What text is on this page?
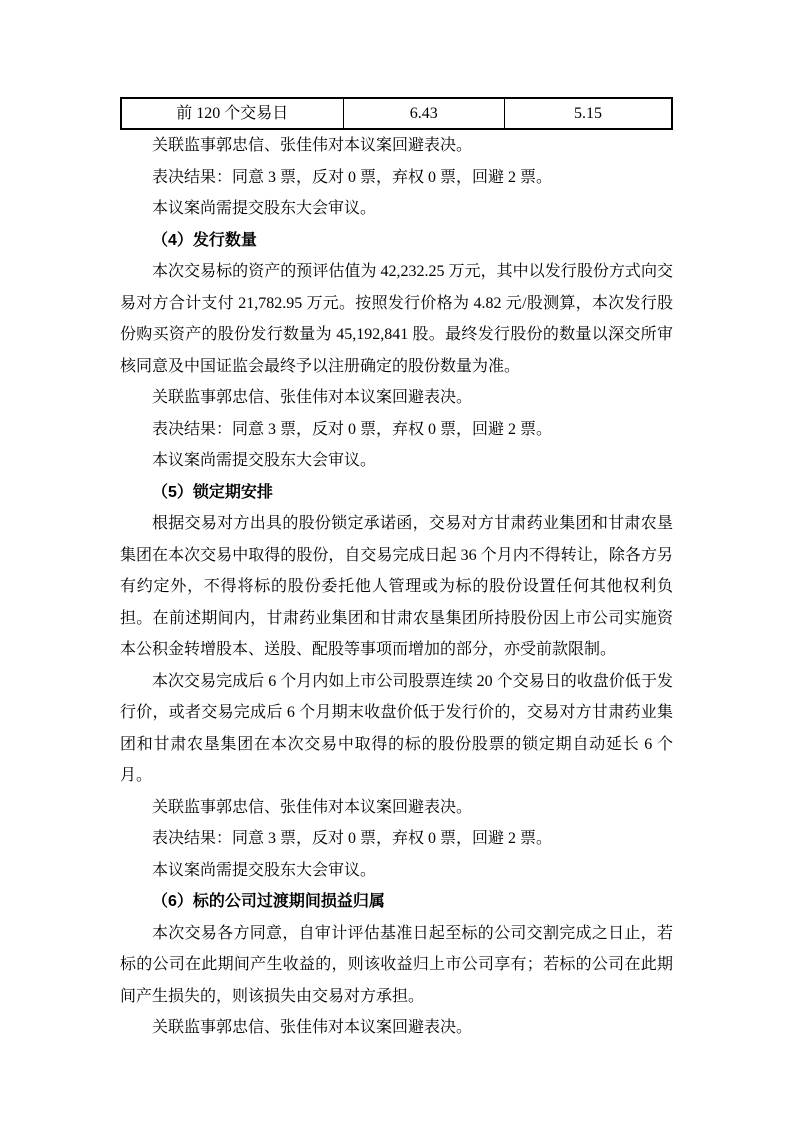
前 120 个交易日	6.43	5.15

关联监事郭忠信、张佳伟对本议案回避表决。

表决结果：同意 3 票，反对 0 票，弃权 0 票，回避 2 票。

本议案尚需提交股东大会审议。

（4）发行数量

本次交易标的资产的预评估值为 42,232.25 万元，其中以发行股份方式向交易对方合计支付 21,782.95 万元。按照发行价格为 4.82 元/股测算，本次发行股份购买资产的股份发行数量为 45,192,841 股。最终发行股份的数量以深交所审核同意及中国证监会最终予以注册确定的股份数量为准。

关联监事郭忠信、张佳伟对本议案回避表决。

表决结果：同意 3 票，反对 0 票，弃权 0 票，回避 2 票。

本议案尚需提交股东大会审议。

（5）锁定期安排

根据交易对方出具的股份锁定承诺函，交易对方甘肃药业集团和甘肃农垦集团在本次交易中取得的股份，自交易完成日起 36 个月内不得转让，除各方另有约定外，不得将标的股份委托他人管理或为标的股份设置任何其他权利负担。在前述期间内，甘肃药业集团和甘肃农垦集团所持股份因上市公司实施资本公积金转增股本、送股、配股等事项而增加的部分，亦受前款限制。

本次交易完成后 6 个月内如上市公司股票连续 20 个交易日的收盘价低于发行价，或者交易完成后 6 个月期末收盘价低于发行价的，交易对方甘肃药业集团和甘肃农垦集团在本次交易中取得的标的股份股票的锁定期自动延长 6 个月。

关联监事郭忠信、张佳伟对本议案回避表决。

表决结果：同意 3 票，反对 0 票，弃权 0 票，回避 2 票。

本议案尚需提交股东大会审议。

（6）标的公司过渡期间损益归属

本次交易各方同意，自审计评估基准日起至标的公司交割完成之日止，若标的公司在此期间产生收益的，则该收益归上市公司享有；若标的公司在此期间产生损失的，则该损失由交易对方承担。

关联监事郭忠信、张佳伟对本议案回避表决。
